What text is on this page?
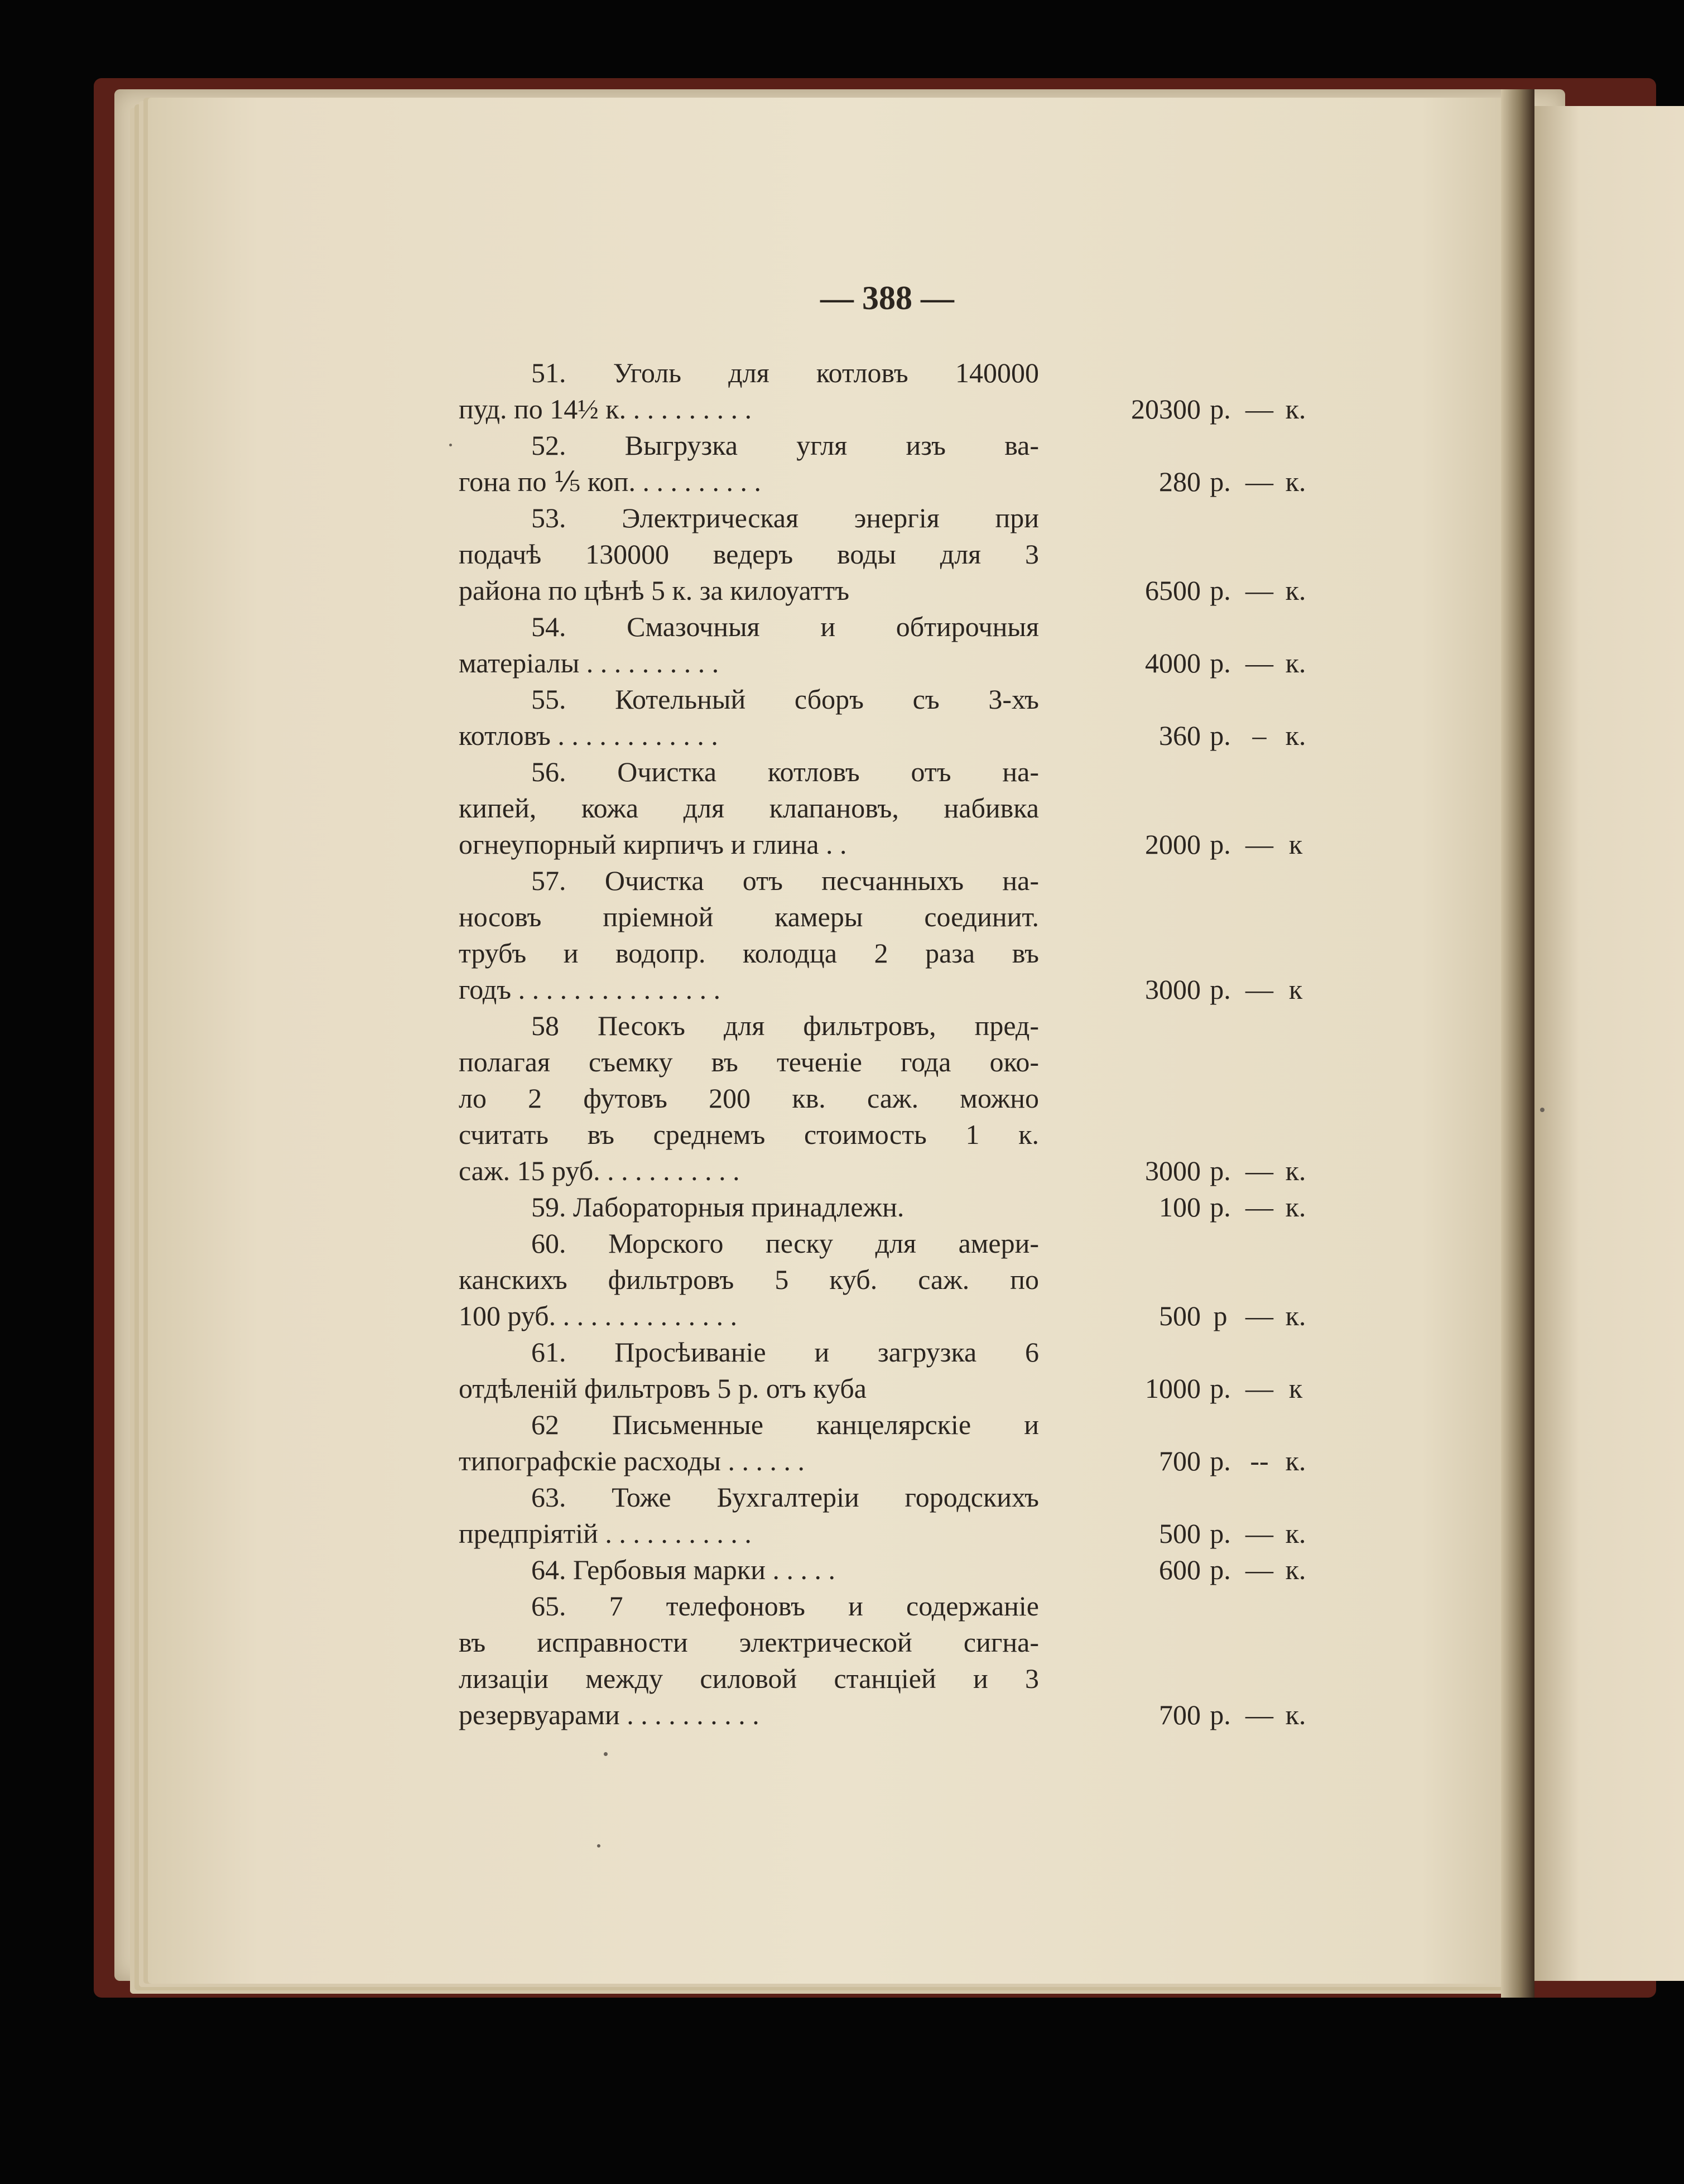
— 388 —
51. Уголь для котловъ 140000
пуд. по 14½ к. . . . . . . . . .	20300 р. — к.
52. Выгрузка угля изъ ва-
гона по ⅕ коп. . . . . . . . . .	280 р. — к.
53. Электрическая энергія при
подачѣ 130000 ведеръ воды для 3
района по цѣнѣ 5 к. за килоуаттъ	6500 р. — к.
54. Смазочныя и обтирочныя
матеріалы . . . . . . . . . .	4000 р. — к.
55. Котельный сборъ съ 3-хъ
котловъ . . . . . . . . . . . .	360 р. – к.
56. Очистка котловъ отъ на-
кипей, кожа для клапановъ, набивка
огнеупорный кирпичъ и глина . .	2000 р. — к
57. Очистка отъ песчанныхъ на-
носовъ пріемной камеры соединит.
трубъ и водопр. колодца 2 раза въ
годъ . . . . . . . . . . . . . . .	3000 р. — к
58 Песокъ для фильтровъ, пред-
полагая съемку въ теченіе года око-
ло 2 футовъ 200 кв. саж. можно
считать въ среднемъ стоимость 1 к.
саж. 15 руб. . . . . . . . . . .	3000 р. — к.
59. Лабораторныя принадлежн.	100 р. — к.
60. Морского песку для амери-
канскихъ фильтровъ 5 куб. саж. по
100 руб. . . . . . . . . . . . . .	500 р — к.
61. Просѣиваніе и загрузка 6
отдѣленій фильтровъ 5 р. отъ куба	1000 р. — к
62 Письменные канцелярскіе и
типографскіе расходы . . . . . .	700 р. -- к.
63. Тоже Бухгалтеріи городскихъ
предпріятій . . . . . . . . . . .	500 р. — к.
64. Гербовыя марки . . . . .	600 р. — к.
65. 7 телефоновъ и содержаніе
въ исправности электрической сигна-
лизаціи между силовой станціей и 3
резервуарами . . . . . . . . . .	700 р. — к.
